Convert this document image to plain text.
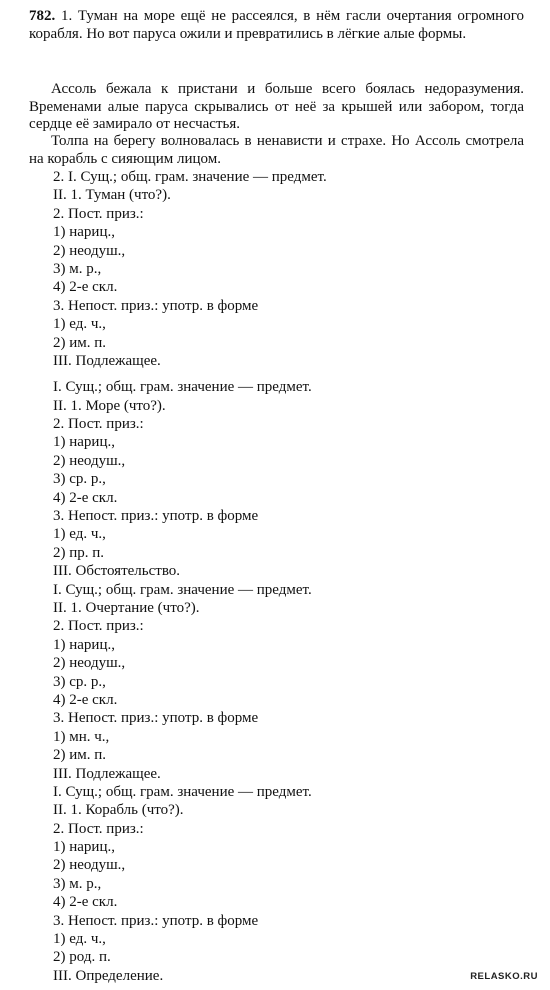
782. 1. Туман на море ещё не рассеялся, в нём гасли очертания огромного корабля. Но вот паруса ожили и превратились в лёгкие алые формы.

Ассоль бежала к пристани и больше всего боялась недоразумения. Временами алые паруса скрывались от неё за крышей или забором, тогда сердце её замирало от несчастья.

Толпа на берегу волновалась в ненависти и страхе. Но Ассоль смотрела на корабль с сияющим лицом.

2. I. Сущ.; общ. грам. значение — предмет.
II. 1. Туман (что?).
2. Пост. приз.:
1) нариц.,
2) неодуш.,
3) м. р.,
4) 2-е скл.
3. Непост. приз.: употр. в форме
1) ед. ч.,
2) им. п.
III. Подлежащее.
I. Сущ.; общ. грам. значение — предмет.
II. 1. Море (что?).
2. Пост. приз.:
1) нариц.,
2) неодуш.,
3) ср. р.,
4) 2-е скл.
3. Непост. приз.: употр. в форме
1) ед. ч.,
2) пр. п.
III. Обстоятельство.
I. Сущ.; общ. грам. значение — предмет.
II. 1. Очертание (что?).
2. Пост. приз.:
1) нариц.,
2) неодуш.,
3) ср. р.,
4) 2-е скл.
3. Непост. приз.: употр. в форме
1) мн. ч.,
2) им. п.
III. Подлежащее.
I. Сущ.; общ. грам. значение — предмет.
II. 1. Корабль (что?).
2. Пост. приз.:
1) нариц.,
2) неодуш.,
3) м. р.,
4) 2-е скл.
3. Непост. приз.: употр. в форме
1) ед. ч.,
2) род. п.
III. Определение.	RELASKO.RU
